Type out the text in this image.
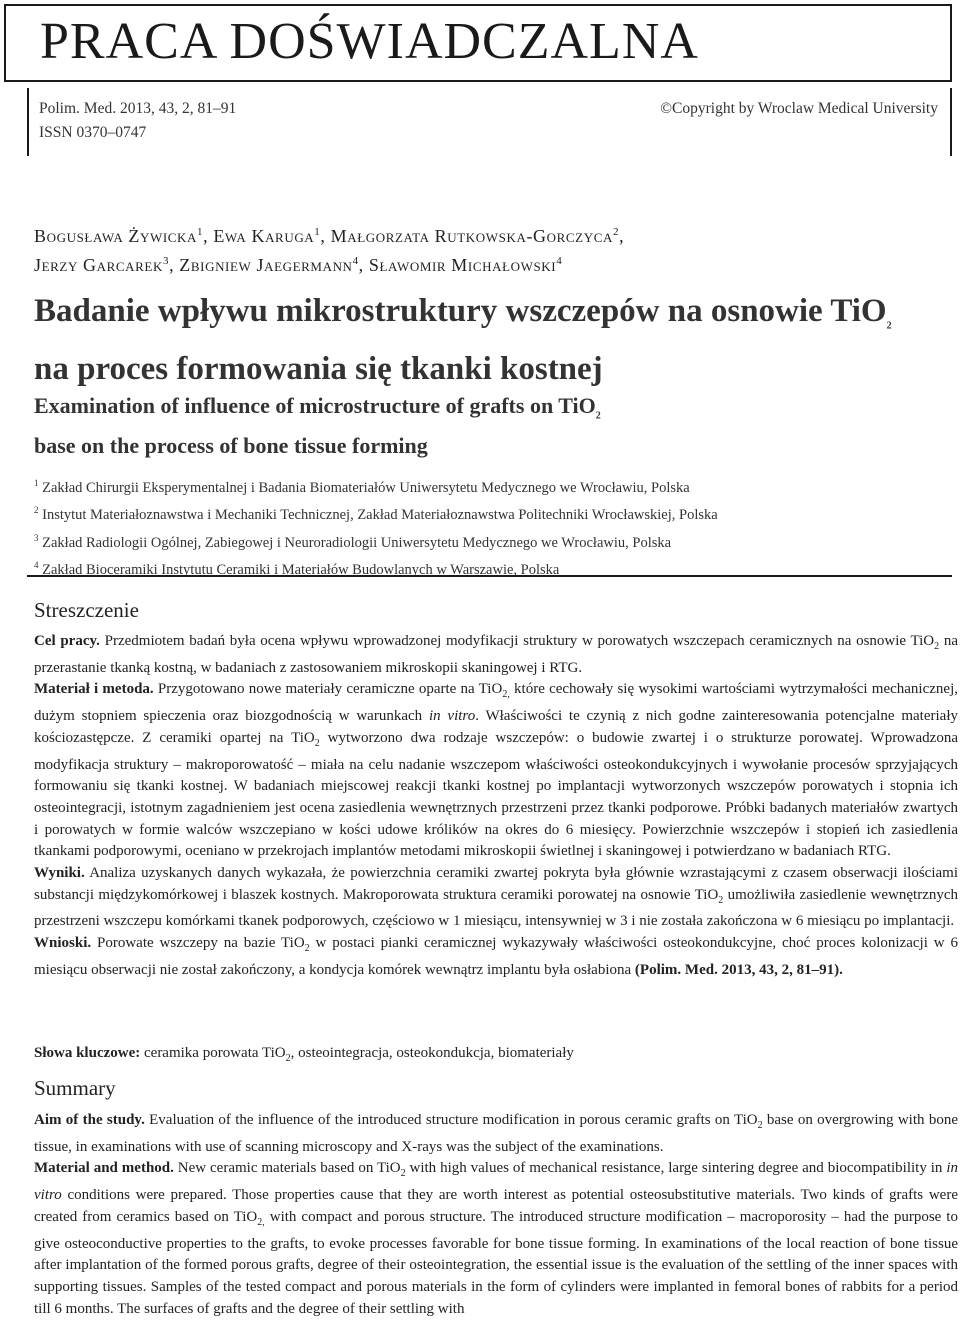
PRACA DOŚWIADCZALNA
Polim. Med. 2013, 43, 2, 81–91
ISSN 0370–0747
©Copyright by Wroclaw Medical University
Bogusława Żywicka$^1$, Ewa Karuga$^1$, Małgorzata Rutkowska-Gorczyca$^2$,
Jerzy Garcarek$^3$, Zbigniew Jaegermann$^4$, Sławomir Michałowski$^4$
Badanie wpływu mikrostruktury wszczepów na osnowie TiO$_2$
na proces formowania się tkanki kostnej
Examination of influence of microstructure of grafts on TiO$_2$
base on the process of bone tissue forming
$^1$ Zakład Chirurgii Eksperymentalnej i Badania Biomateriałów Uniwersytetu Medycznego we Wrocławiu, Polska
$^2$ Instytut Materiałoznawstwa i Mechaniki Technicznej, Zakład Materiałoznawstwa Politechniki Wrocławskiej, Polska
$^3$ Zakład Radiologii Ogólnej, Zabiegowej i Neuroradiologii Uniwersytetu Medycznego we Wrocławiu, Polska
$^4$ Zakład Bioceramiki Instytutu Ceramiki i Materiałów Budowlanych w Warszawie, Polska
Streszczenie

Cel pracy. Przedmiotem badań była ocena wpływu wprowadzonej modyfikacji struktury w porowatych wszczepach ceramicznych na osnowie TiO$_2$ na przerastanie tkanką kostną, w badaniach z zastosowaniem mikroskopii skaningowej i RTG.

Materiał i metoda. Przygotowano nowe materiały ceramiczne oparte na TiO$_{2,}$ które cechowały się wysokimi wartościami wytrzymałości mechanicznej, dużym stopniem spieczenia oraz biozgodnością w warunkach in vitro. Właściwości te czynią z nich godne zainteresowania potencjalne materiały kościozastępcze. Z ceramiki opartej na TiO$_2$ wytworzono dwa rodzaje wszczepów: o budowie zwartej i o strukturze porowatej. Wprowadzona modyfikacja struktury – makroporowatość – miała na celu nadanie wszczepom właściwości osteokondukcyjnych i wywołanie procesów sprzyjających formowaniu się tkanki kostnej. W badaniach miejscowej reakcji tkanki kostnej po implantacji wytworzonych wszczepów porowatych i stopnia ich osteointegracji, istotnym zagadnieniem jest ocena zasiedlenia wewnętrznych przestrzeni przez tkanki podporowe. Próbki badanych materiałów zwartych i porowatych w formie walców wszczepiano w kości udowe królików na okres do 6 miesięcy. Powierzchnie wszczepów i stopień ich zasiedlenia tkankami podporowymi, oceniano w przekrojach implantów metodami mikroskopii świetlnej i skaningowej i potwierdzano w badaniach RTG.

Wyniki. Analiza uzyskanych danych wykazała, że powierzchnia ceramiki zwartej pokryta była głównie wzrastającymi z czasem obserwacji ilościami substancji międzykomórkowej i blaszek kostnych. Makroporowata struktura ceramiki porowatej na osnowie TiO$_2$ umożliwiła zasiedlenie wewnętrznych przestrzeni wszczepu komórkami tkanek podporowych, częściowo w 1 miesiącu, intensywniej w 3 i nie została zakończona w 6 miesiącu po implantacji.

Wnioski. Porowate wszczepy na bazie TiO$_2$ w postaci pianki ceramicznej wykazywały właściwości osteokondukcyjne, choć proces kolonizacji w 6 miesiącu obserwacji nie został zakończony, a kondycja komórek wewnątrz implantu była osłabiona (Polim. Med. 2013, 43, 2, 81–91).

Słowa kluczowe: ceramika porowata TiO$_2$, osteointegracja, osteokondukcja, biomateriały

Summary

Aim of the study. Evaluation of the influence of the introduced structure modification in porous ceramic grafts on TiO$_2$ base on overgrowing with bone tissue, in examinations with use of scanning microscopy and X-rays was the subject of the examinations.

Material and method. New ceramic materials based on TiO$_2$ with high values of mechanical resistance, large sintering degree and biocompatibility in in vitro conditions were prepared. Those properties cause that they are worth interest as potential osteosubstitutive materials. Two kinds of grafts were created from ceramics based on TiO$_{2,}$ with compact and porous structure. The introduced structure modification – macroporosity – had the purpose to give osteoconductive properties to the grafts, to evoke processes favorable for bone tissue forming. In examinations of the local reaction of bone tissue after implantation of the formed porous grafts, degree of their osteointegration, the essential issue is the evaluation of the settling of the inner spaces with supporting tissues. Samples of the tested compact and porous materials in the form of cylinders were implanted in femoral bones of rabbits for a period till 6 months. The surfaces of grafts and the degree of their settling with
